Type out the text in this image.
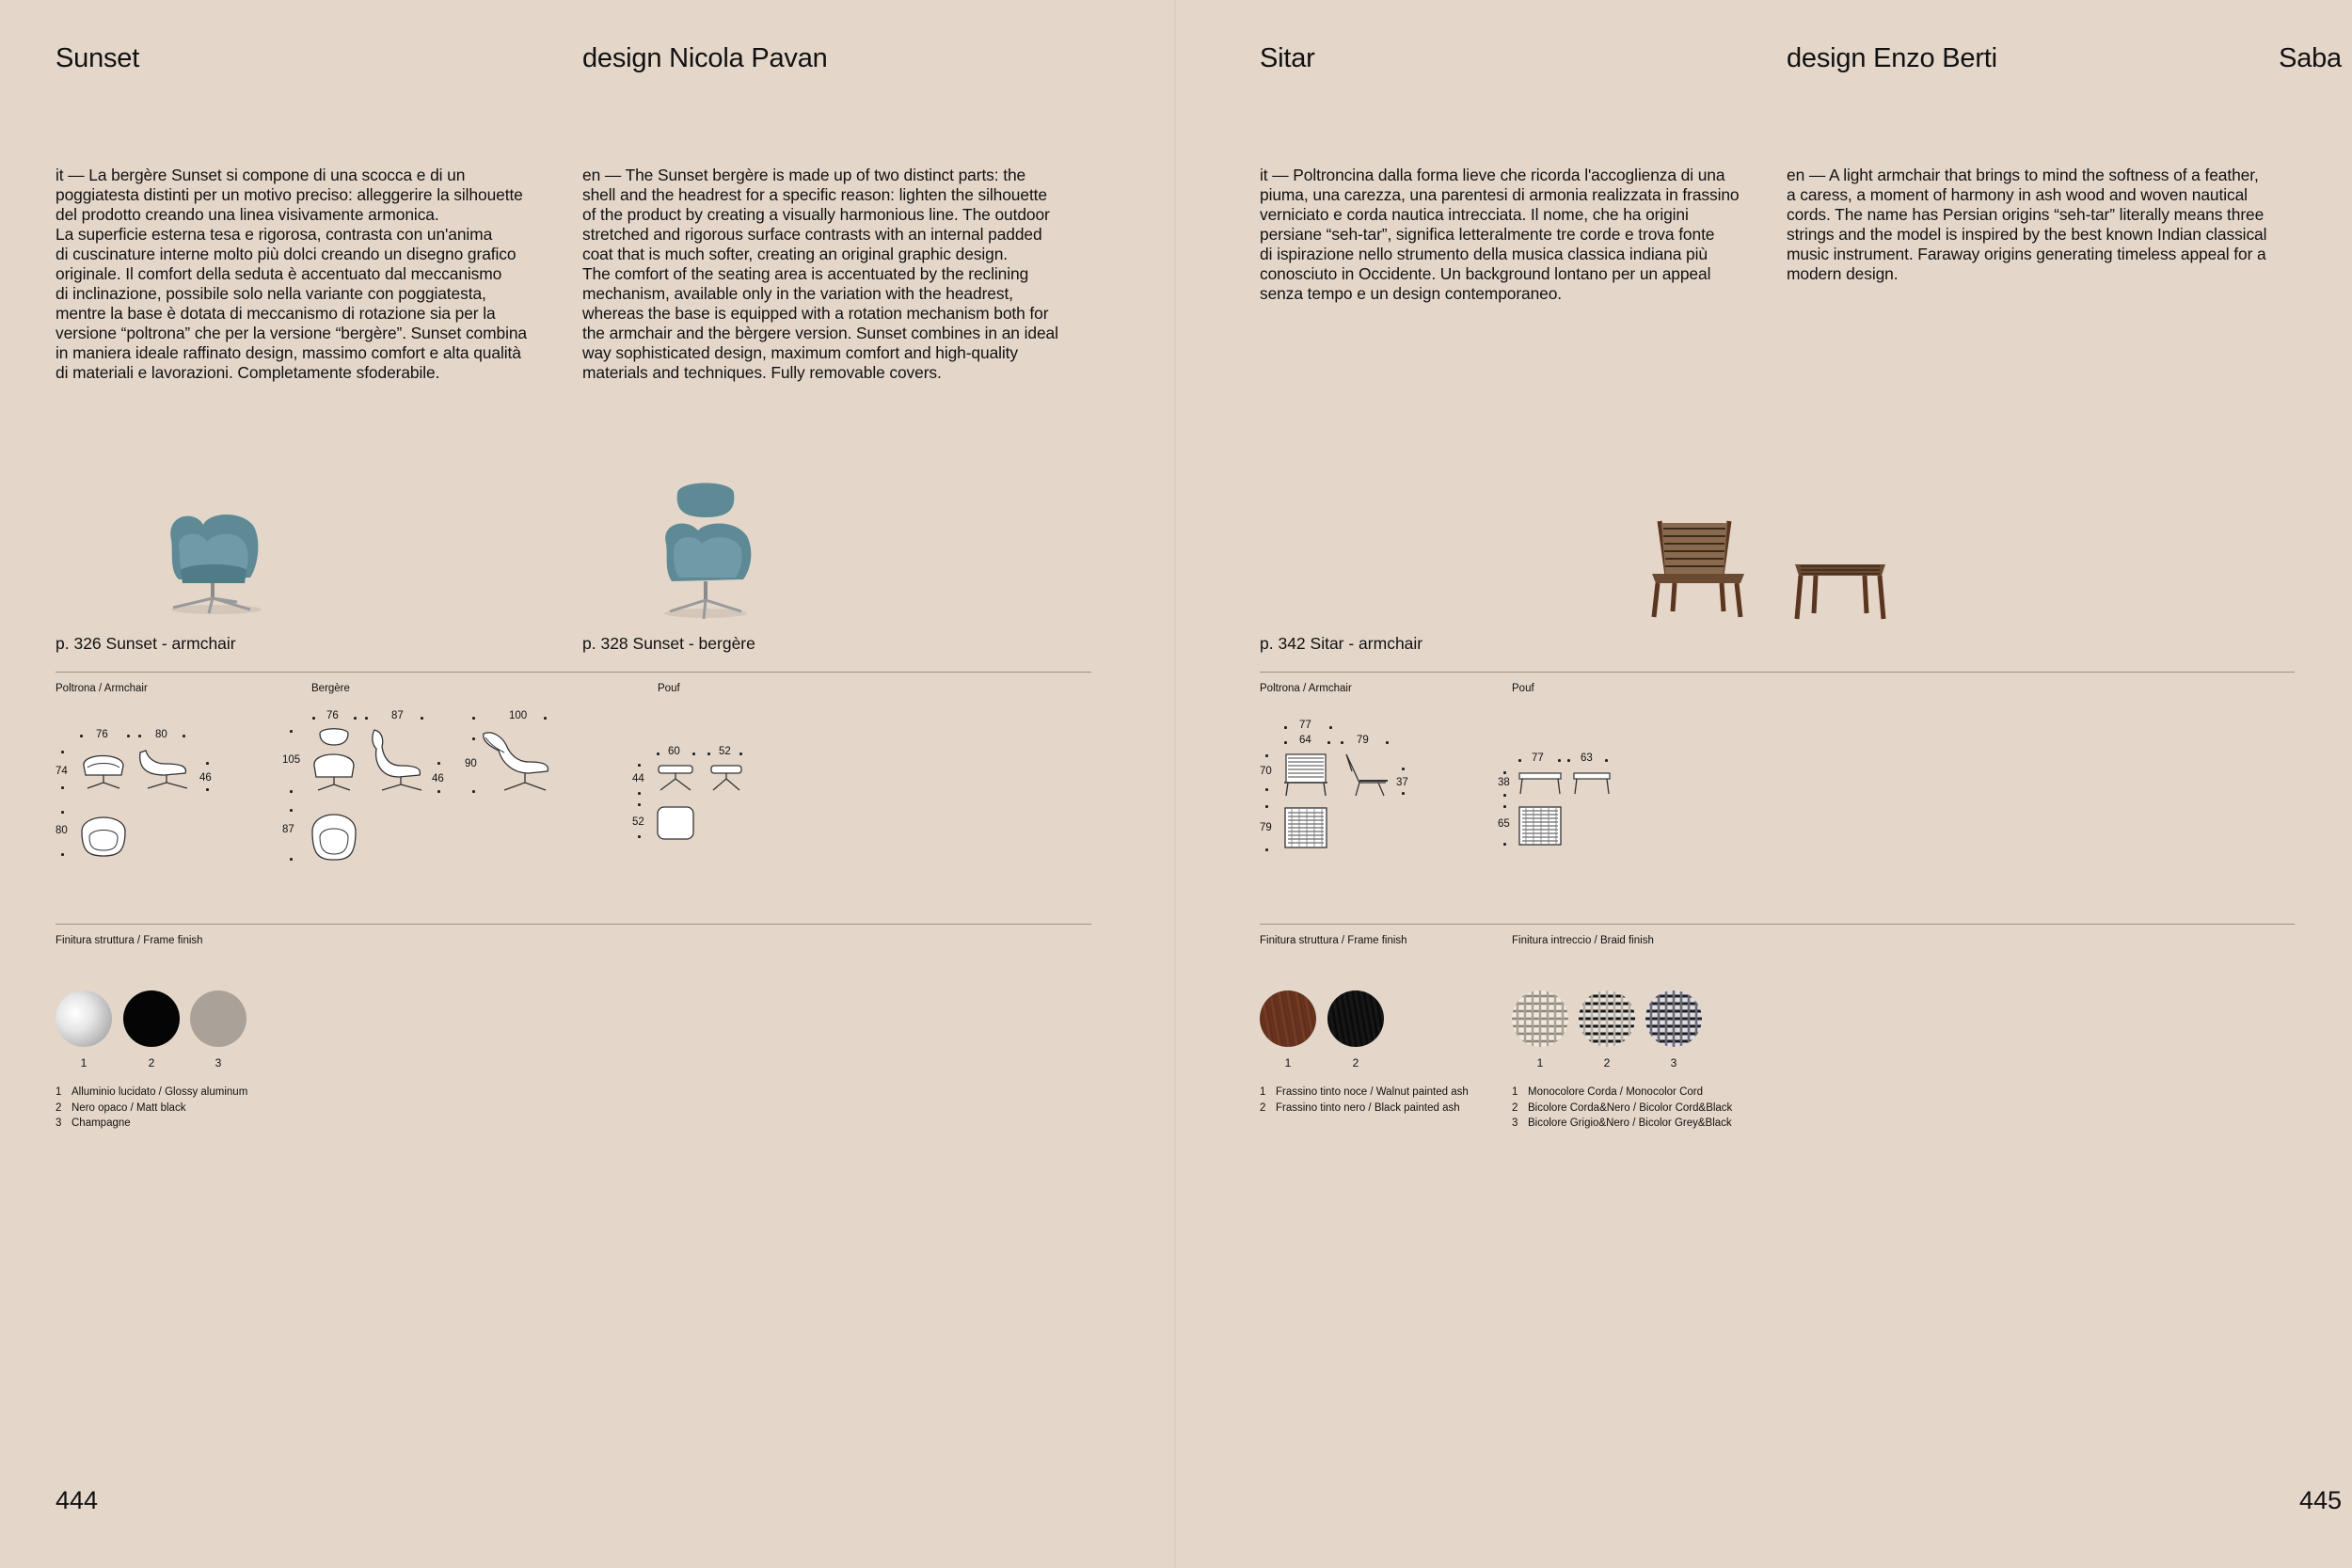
Sunset	design Nicola Pavan

it — La bergère Sunset si compone di una scocca e di un

poggiatesta distinti per un motivo preciso: alleggerire la silhouette

del prodotto creando una linea visivamente armonica.

La superficie esterna tesa e rigorosa, contrasta con un'anima

di cuscinature interne molto più dolci creando un disegno grafico

originale. Il comfort della seduta è accentuato dal meccanismo

di inclinazione, possibile solo nella variante con poggiatesta,

mentre la base è dotata di meccanismo di rotazione sia per la

versione “poltrona” che per la versione “bergère”. Sunset combina

in maniera ideale raffinato design, massimo comfort e alta qualità

di materiali e lavorazioni. Completamente sfoderabile.

en — The Sunset bergère is made up of two distinct parts: the

shell and the headrest for a specific reason: lighten the silhouette

of the product by creating a visually harmonious line. The outdoor

stretched and rigorous surface contrasts with an internal padded

coat that is much softer, creating an original graphic design.

The comfort of the seating area is accentuated by the reclining

mechanism, available only in the variation with the headrest,

whereas the base is equipped with a rotation mechanism both for

the armchair and the bèrgere version. Sunset combines in an ideal

way sophisticated design, maximum comfort and high-quality

materials and techniques. Fully removable covers.

p. 326 Sunset - armchair	p. 328 Sunset - bergère
Poltrona / Armchair
76	80
74
46
80
Bergère
76	87	100
105
46
90
87
Pouf
60	52
44
52
Finitura struttura / Frame finish
1	2	3
1 Alluminio lucidato / Glossy aluminum
2 Nero opaco / Matt black
3 Champagne
444
Sitar	design Enzo Berti	Saba

it — Poltroncina dalla forma lieve che ricorda l'accoglienza di una

piuma, una carezza, una parentesi di armonia realizzata in frassino

verniciato e corda nautica intrecciata. Il nome, che ha origini

persiane “seh-tar”, significa letteralmente tre corde e trova fonte

di ispirazione nello strumento della musica classica indiana più

conosciuto in Occidente. Un background lontano per un appeal

senza tempo e un design contemporaneo.

en — A light armchair that brings to mind the softness of a feather,

a caress, a moment of harmony in ash wood and woven nautical

cords. The name has Persian origins “seh-tar” literally means three

strings and the model is inspired by the best known Indian classical

music instrument. Faraway origins generating timeless appeal for a

modern design.

p. 342 Sitar - armchair
Poltrona / Armchair
77
64	79
70
37
79
Pouf
77	63
38
65
Finitura struttura / Frame finish	Finitura intreccio / Braid finish
1	2	1	2	3
1 Frassino tinto noce / Walnut painted ash
2 Frassino tinto nero / Black painted ash
1 Monocolore Corda / Monocolor Cord
2 Bicolore Corda&Nero / Bicolor Cord&Black
3 Bicolore Grigio&Nero / Bicolor Grey&Black
445
